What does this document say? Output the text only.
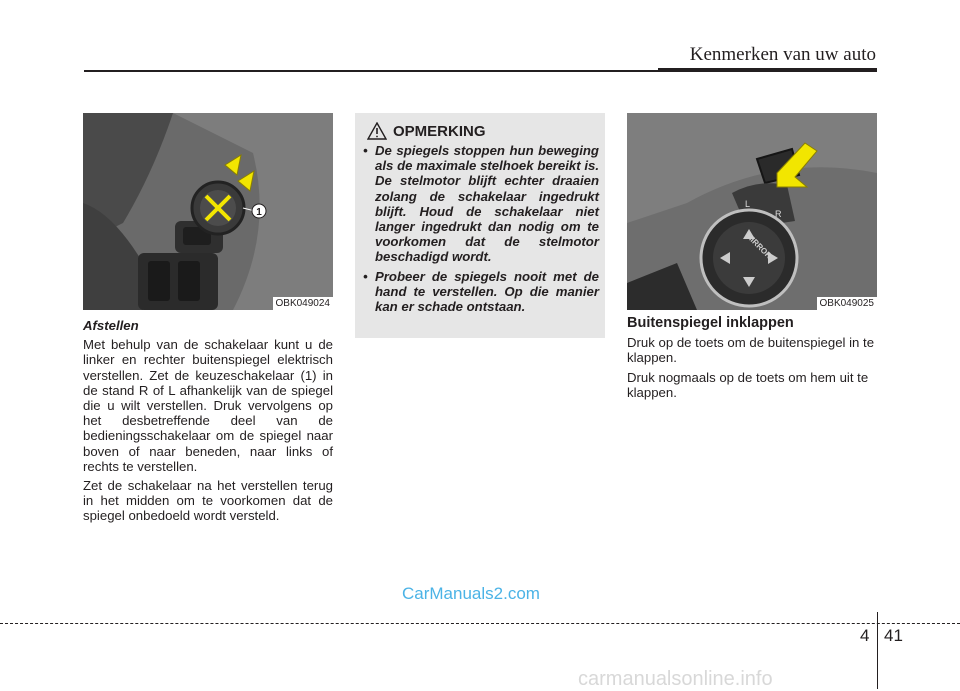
Kenmerken van uw auto
1
OBK049024

Afstellen

Met behulp van de schakelaar kunt u de linker en rechter buitenspiegel elektrisch verstellen. Zet de keuzeschakelaar (1) in de stand R of L afhankelijk van de spiegel die u wilt verstellen. Druk vervolgens op het desbetreffende deel van de bedieningsschakelaar om de spiegel naar boven of naar beneden, naar links of rechts te verstellen.

Zet de schakelaar na het verstellen terug in het midden om te voorkomen dat de spiegel onbedoeld wordt versteld.

OPMERKING
• De spiegels stoppen hun beweging als de maximale stelhoek bereikt is. De stelmotor blijft echter draaien zolang de schakelaar ingedrukt blijft. Houd de schakelaar niet langer ingedrukt dan nodig om te voorkomen dat de stelmotor beschadigd wordt.
• Probeer de spiegels nooit met de hand te verstellen. Op die manier kan er schade ontstaan.
L
R
MIRROR
OBK049025

Buitenspiegel inklappen

Druk op de toets om de buitenspiegel in te klappen.

Druk nogmaals op de toets om hem uit te klappen.

CarManuals2.com
4 41
carmanualsonline.info
